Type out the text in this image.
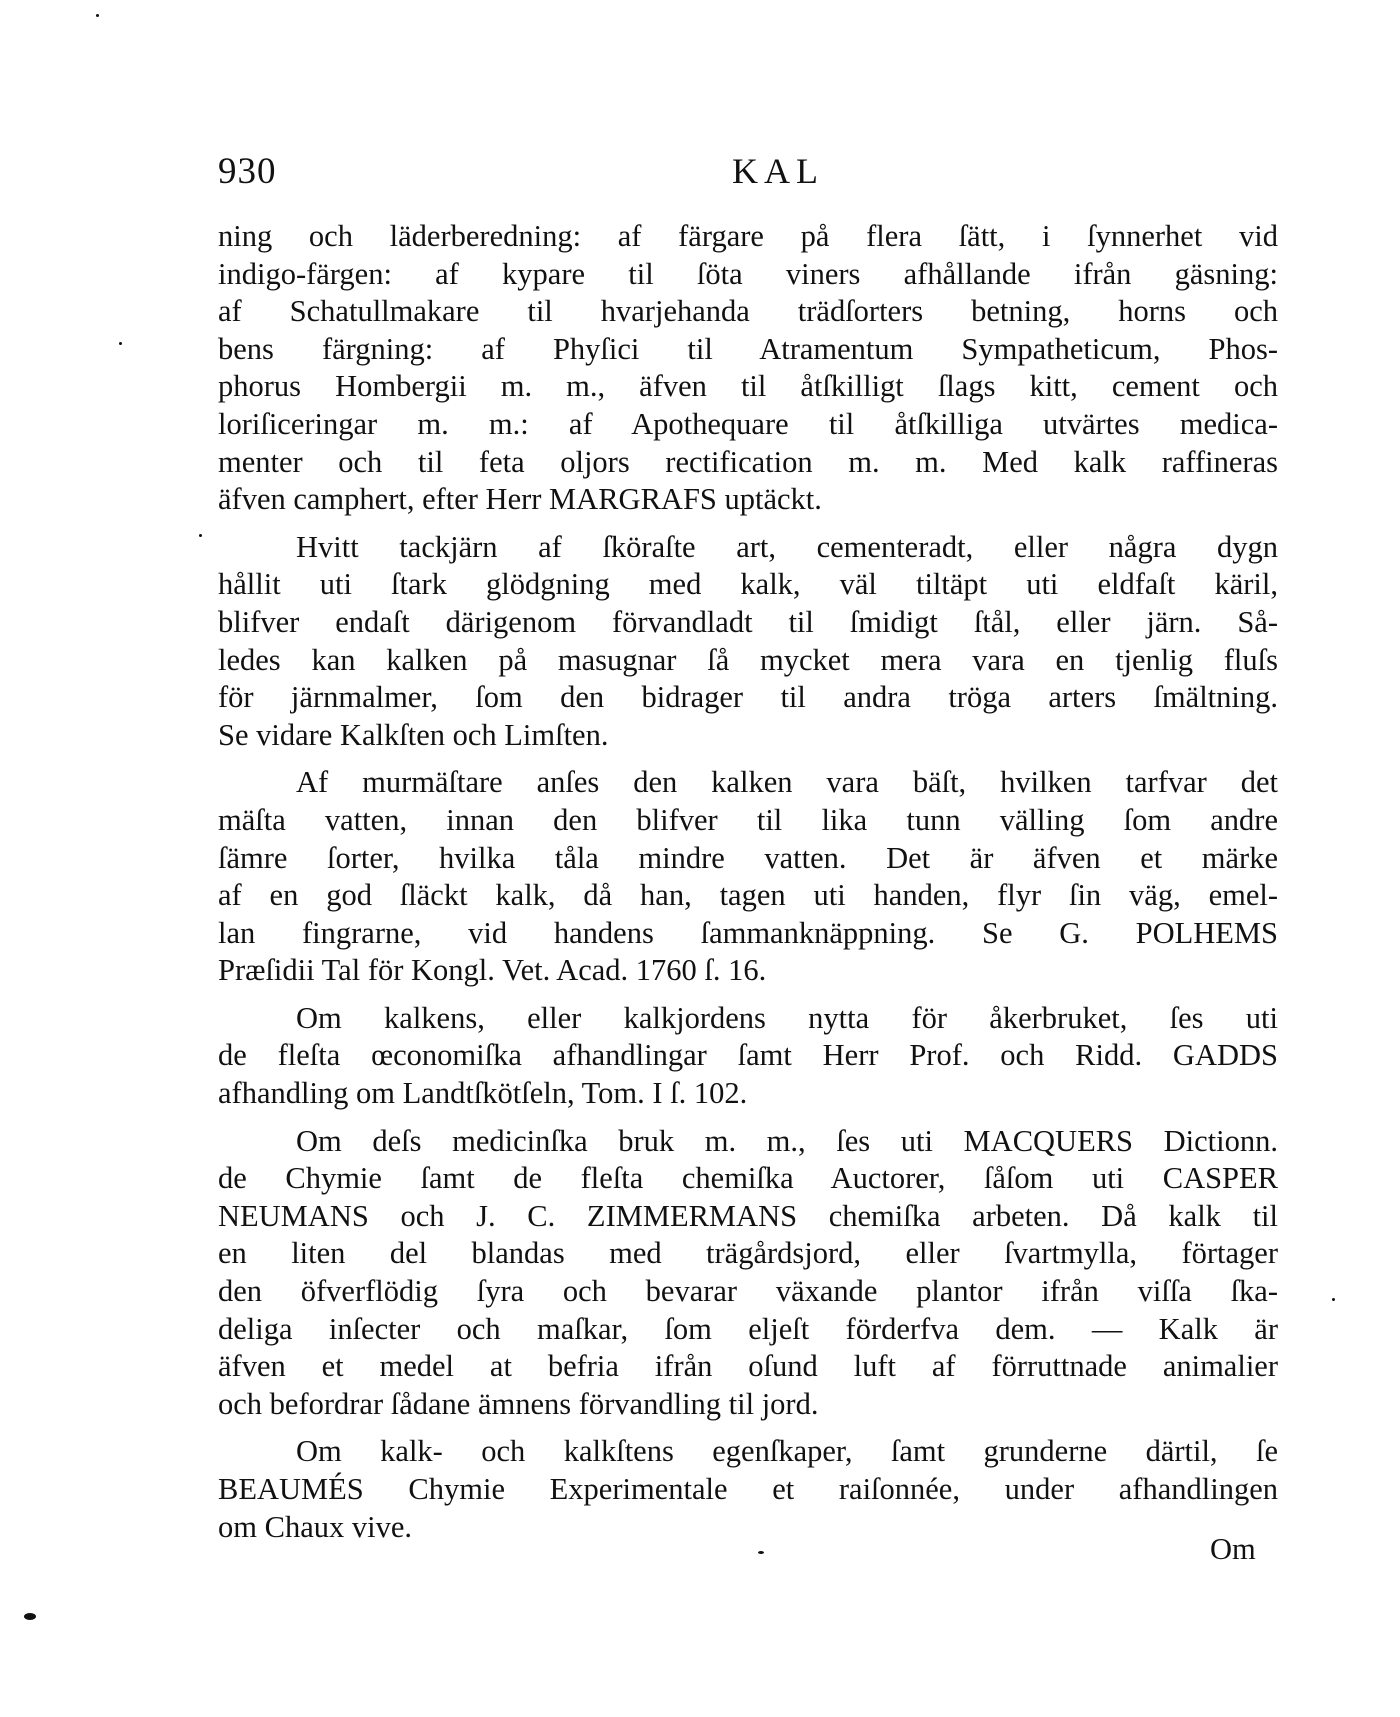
930	KAL
ning och läderberedning: af färgare på flera ſätt, i ſynnerhet vid
indigo-färgen: af kypare til ſöta viners afhållande ifrån gäsning:
af Schatullmakare til hvarjehanda trädſorters betning, horns och
bens färgning: af Phyſici til Atramentum Sympatheticum, Phos-
phorus Hombergii m. m., äfven til åtſkilligt ſlags kitt, cement och
loriſiceringar m. m.: af Apothequare til åtſkilliga utvärtes medica-
menter och til feta oljors rectification m. m. Med kalk raffineras
äfven camphert, efter Herr MARGRAFS uptäckt.
Hvitt tackjärn af ſköraſte art, cementeradt, eller några dygn
hållit uti ſtark glödgning med kalk, väl tiltäpt uti eldfaſt käril,
blifver endaſt därigenom förvandladt til ſmidigt ſtål, eller järn. Så-
ledes kan kalken på masugnar ſå mycket mera vara en tjenlig fluſs
för järnmalmer, ſom den bidrager til andra tröga arters ſmältning.
Se vidare Kalkſten och Limſten.
Af murmäſtare anſes den kalken vara bäſt, hvilken tarfvar det
mäſta vatten, innan den blifver til lika tunn välling ſom andre
ſämre ſorter, hvilka tåla mindre vatten. Det är äfven et märke
af en god ſläckt kalk, då han, tagen uti handen, flyr ſin väg, emel-
lan fingrarne, vid handens ſammanknäppning. Se G. POLHEMS
Præſidii Tal för Kongl. Vet. Acad. 1760 ſ. 16.
Om kalkens, eller kalkjordens nytta för åkerbruket, ſes uti
de fleſta œconomiſka afhandlingar ſamt Herr Prof. och Ridd. GADDS
afhandling om Landtſkötſeln, Tom. I ſ. 102.
Om deſs medicinſka bruk m. m., ſes uti MACQUERS Dictionn.
de Chymie ſamt de fleſta chemiſka Auctorer, ſåſom uti CASPER
NEUMANS och J. C. ZIMMERMANS chemiſka arbeten. Då kalk til
en liten del blandas med trägårdsjord, eller ſvartmylla, förtager
den öfverflödig ſyra och bevarar växande plantor ifrån viſſa ſka-
deliga inſecter och maſkar, ſom eljeſt förderfva dem. — Kalk är
äfven et medel at befria ifrån oſund luft af förruttnade animalier
och befordrar ſådane ämnens förvandling til jord.
Om kalk- och kalkſtens egenſkaper, ſamt grunderne därtil, ſe
BEAUMÉS Chymie Experimentale et raiſonnée, under afhandlingen
om Chaux vive.
Om
